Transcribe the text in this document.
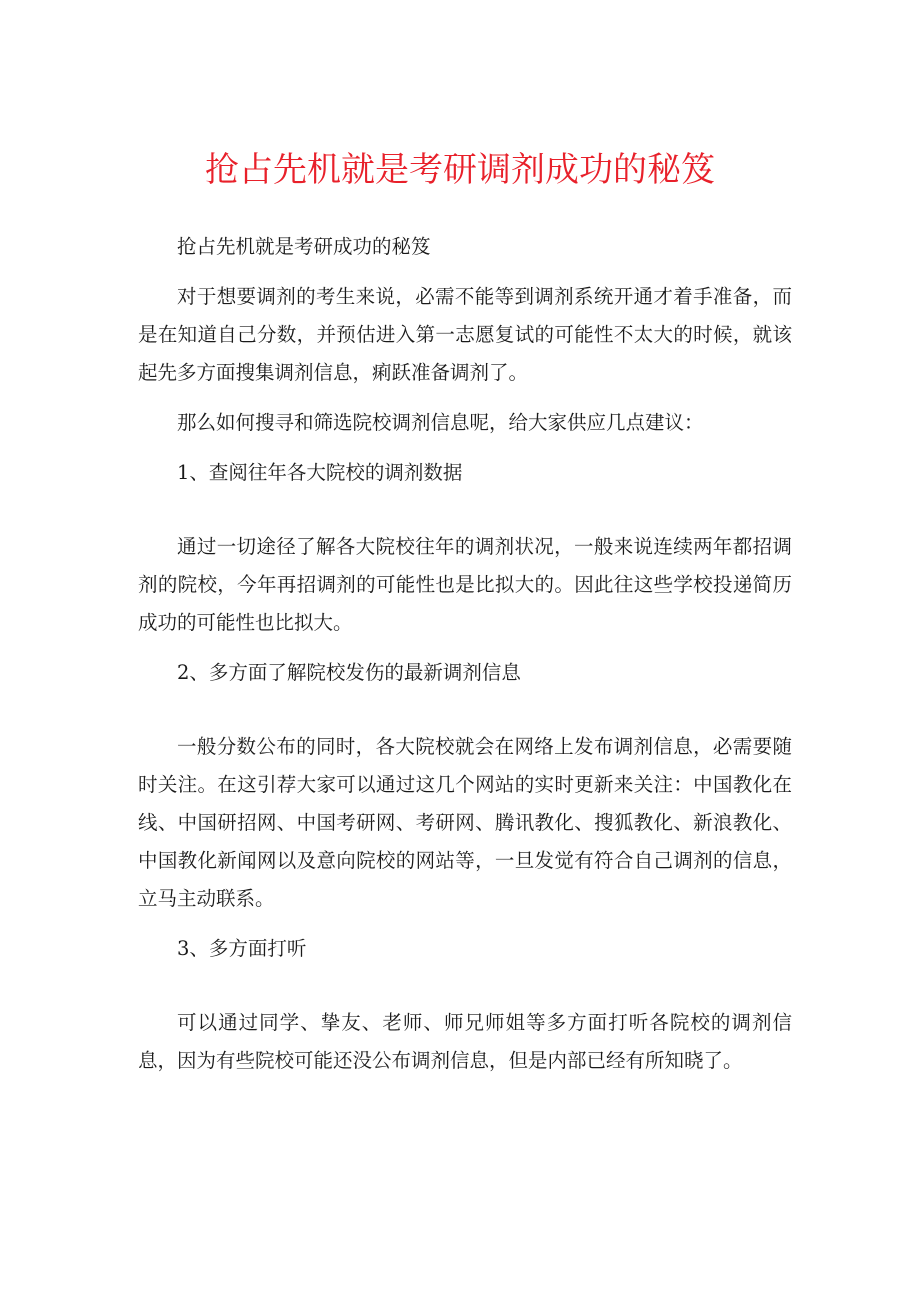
抢占先机就是考研调剂成功的秘笈

抢占先机就是考研成功的秘笈

对于想要调剂的考生来说，必需不能等到调剂系统开通才着手准备，而是在知道自己分数，并预估进入第一志愿复试的可能性不太大的时候，就该起先多方面搜集调剂信息，痢跃准备调剂了。

那么如何搜寻和筛选院校调剂信息呢，给大家供应几点建议：

1、查阅往年各大院校的调剂数据

通过一切途径了解各大院校往年的调剂状况，一般来说连续两年都招调剂的院校，今年再招调剂的可能性也是比拟大的。因此往这些学校投递简历成功的可能性也比拟大。

2、多方面了解院校发伤的最新调剂信息

一般分数公布的同时，各大院校就会在网络上发布调剂信息，必需要随时关注。在这引荐大家可以通过这几个网站的实时更新来关注：中国教化在线、中国研招网、中国考研网、考研网、腾讯教化、搜狐教化、新浪教化、中国教化新闻网以及意向院校的网站等，一旦发觉有符合自己调剂的信息，立马主动联系。

3、多方面打听

可以通过同学、挚友、老师、师兄师姐等多方面打听各院校的调剂信息，因为有些院校可能还没公布调剂信息，但是内部已经有所知晓了。
